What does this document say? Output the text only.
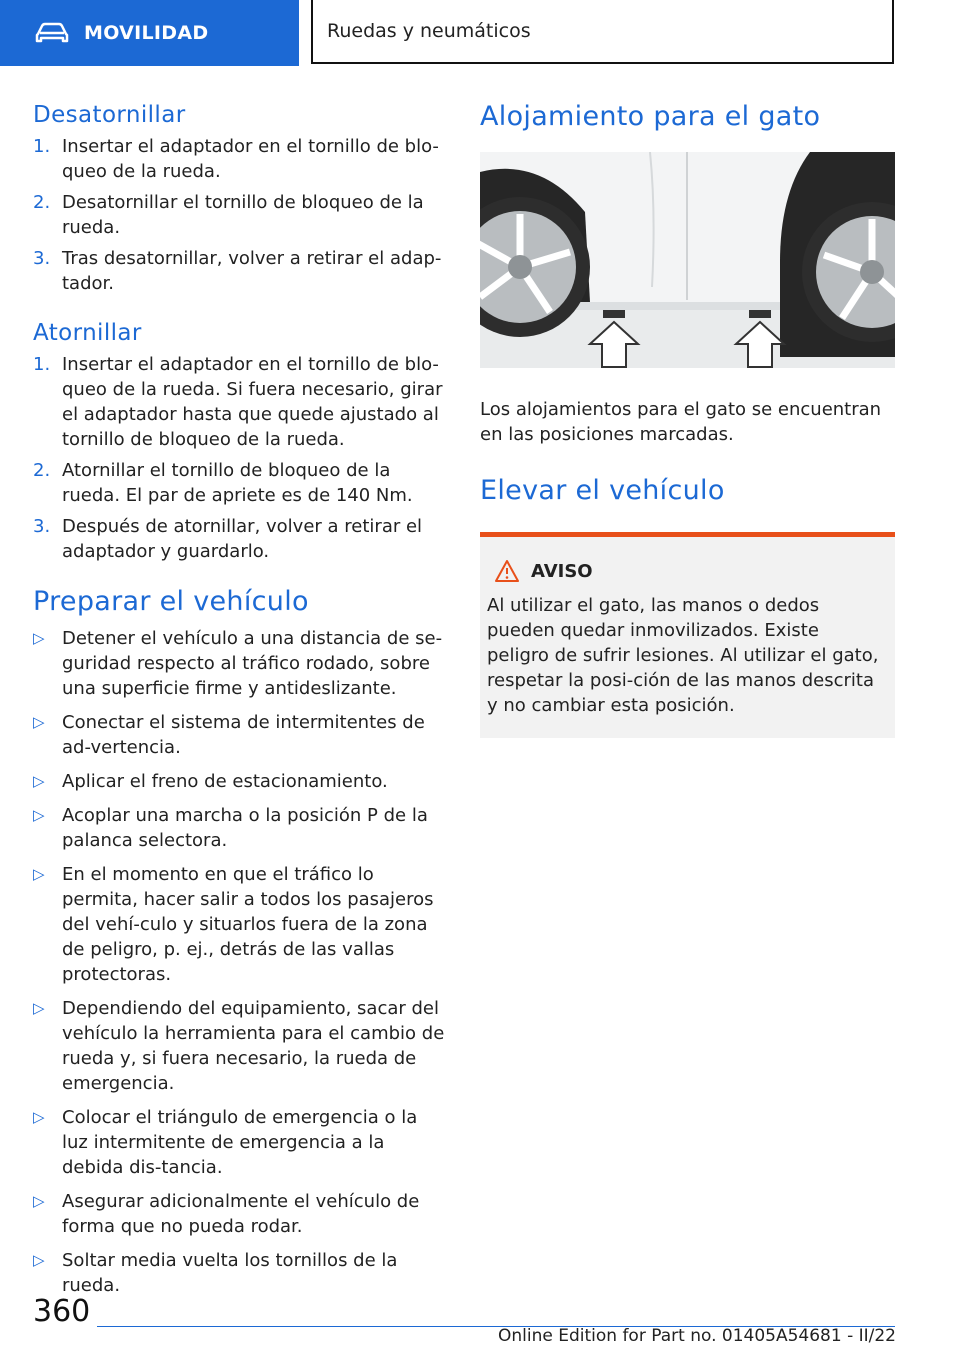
MOVILIDAD	Ruedas y neumáticos
Desatornillar
1. Insertar el adaptador en el tornillo de blo-queo de la rueda.
2. Desatornillar el tornillo de bloqueo de la rueda.
3. Tras desatornillar, volver a retirar el adap-tador.
Atornillar
1. Insertar el adaptador en el tornillo de blo-queo de la rueda. Si fuera necesario, girar el adaptador hasta que quede ajustado al tornillo de bloqueo de la rueda.
2. Atornillar el tornillo de bloqueo de la rueda. El par de apriete es de 140 Nm.
3. Después de atornillar, volver a retirar el adaptador y guardarlo.
Preparar el vehículo
▷ Detener el vehículo a una distancia de se-guridad respecto al tráfico rodado, sobre una superficie firme y antideslizante.
▷ Conectar el sistema de intermitentes de ad-vertencia.
▷ Aplicar el freno de estacionamiento.
▷ Acoplar una marcha o la posición P de la palanca selectora.
▷ En el momento en que el tráfico lo permita, hacer salir a todos los pasajeros del vehí-culo y situarlos fuera de la zona de peligro, p. ej., detrás de las vallas protectoras.
▷ Dependiendo del equipamiento, sacar del vehículo la herramienta para el cambio de rueda y, si fuera necesario, la rueda de emergencia.
▷ Colocar el triángulo de emergencia o la luz intermitente de emergencia a la debida dis-tancia.
▷ Asegurar adicionalmente el vehículo de forma que no pueda rodar.
▷ Soltar media vuelta los tornillos de la rueda.
Alojamiento para el gato

Los alojamientos para el gato se encuentran en las posiciones marcadas.

Elevar el vehículo
AVISO

Al utilizar el gato, las manos o dedos pueden quedar inmovilizados. Existe peligro de sufrir lesiones. Al utilizar el gato, respetar la posi-ción de las manos descrita y no cambiar esta posición.

360
Online Edition for Part no. 01405A54681 - II/22
